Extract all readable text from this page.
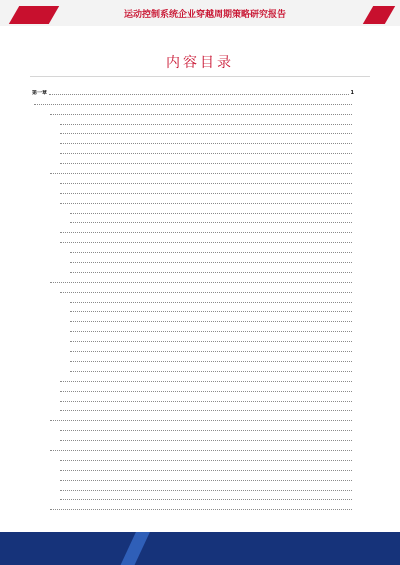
运动控制系统企业穿越周期策略研究报告
内容目录
第一章	1
